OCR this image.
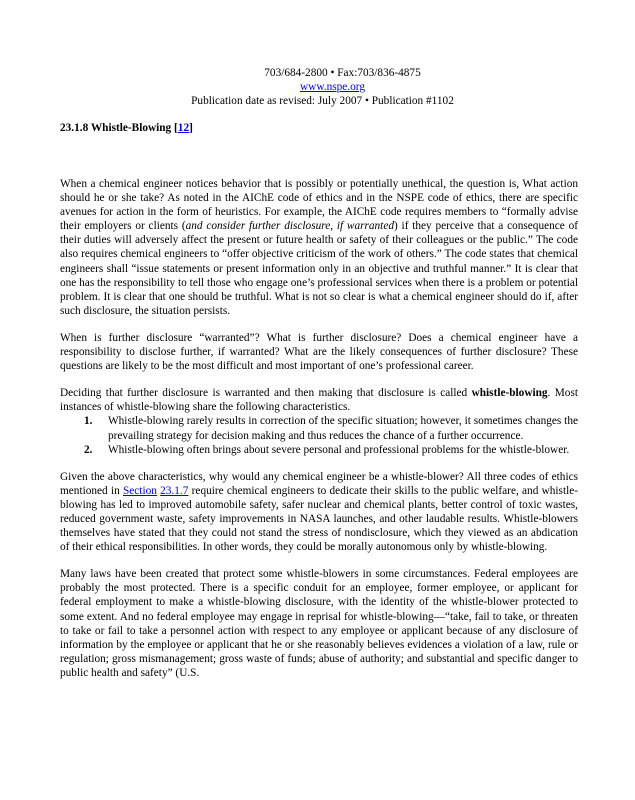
703/684-2800 • Fax:703/836-4875
www.nspe.org
Publication date as revised: July 2007 • Publication #1102
23.1.8 Whistle-Blowing [12]

When a chemical engineer notices behavior that is possibly or potentially unethical, the question is, What action should he or she take? As noted in the AIChE code of ethics and in the NSPE code of ethics, there are specific avenues for action in the form of heuristics. For example, the AIChE code requires members to “formally advise their employers or clients (and consider further disclosure, if warranted) if they perceive that a consequence of their duties will adversely affect the present or future health or safety of their colleagues or the public.” The code also requires chemical engineers to “offer objective criticism of the work of others.” The code states that chemical engineers shall “issue statements or present information only in an objective and truthful manner.” It is clear that one has the responsibility to tell those who engage one’s professional services when there is a problem or potential problem. It is clear that one should be truthful. What is not so clear is what a chemical engineer should do if, after such disclosure, the situation persists.

When is further disclosure “warranted”? What is further disclosure? Does a chemical engineer have a responsibility to disclose further, if warranted? What are the likely consequences of further disclosure? These questions are likely to be the most difficult and most important of one’s professional career.

Deciding that further disclosure is warranted and then making that disclosure is called whistle-blowing. Most instances of whistle-blowing share the following characteristics.

1. Whistle-blowing rarely results in correction of the specific situation; however, it sometimes changes the prevailing strategy for decision making and thus reduces the chance of a further occurrence.
2. Whistle-blowing often brings about severe personal and professional problems for the whistle-blower.

Given the above characteristics, why would any chemical engineer be a whistle-blower? All three codes of ethics mentioned in Section 23.1.7 require chemical engineers to dedicate their skills to the public welfare, and whistle-blowing has led to improved automobile safety, safer nuclear and chemical plants, better control of toxic wastes, reduced government waste, safety improvements in NASA launches, and other laudable results. Whistle-blowers themselves have stated that they could not stand the stress of nondisclosure, which they viewed as an abdication of their ethical responsibilities. In other words, they could be morally autonomous only by whistle-blowing.

Many laws have been created that protect some whistle-blowers in some circumstances. Federal employees are probably the most protected. There is a specific conduit for an employee, former employee, or applicant for federal employment to make a whistle-blowing disclosure, with the identity of the whistle-blower protected to some extent. And no federal employee may engage in reprisal for whistle-blowing—“take, fail to take, or threaten to take or fail to take a personnel action with respect to any employee or applicant because of any disclosure of information by the employee or applicant that he or she reasonably believes evidences a violation of a law, rule or regulation; gross mismanagement; gross waste of funds; abuse of authority; and substantial and specific danger to public health and safety” (U.S.
